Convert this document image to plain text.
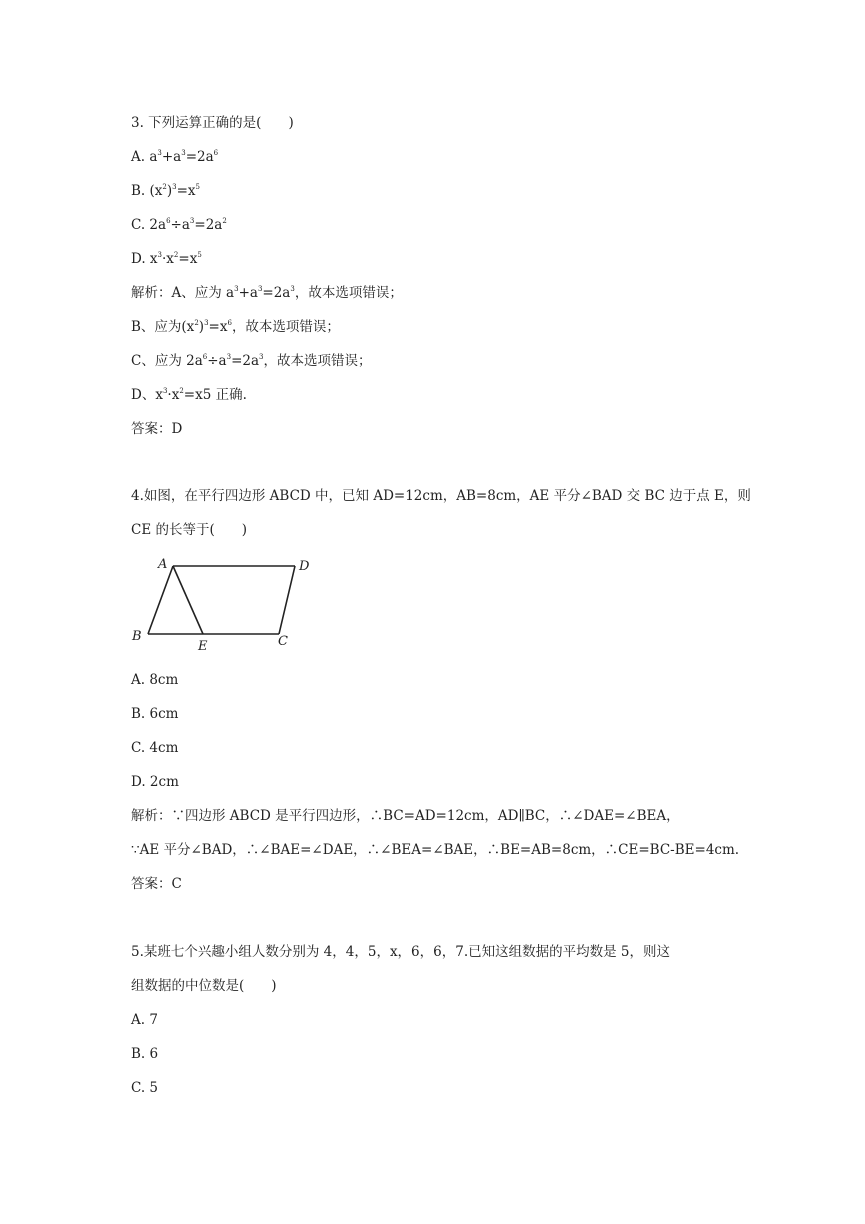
3. 下列运算正确的是(　　)
A. $a^3+a^3=2a^6$
B. $(x^2)^3=x^5$
C. $2a^6\div a^3=2a^2$
D. $x^3\cdot x^2=x^5$
解析：A、应为 $a^3+a^3=2a^3$，故本选项错误；
B、应为$(x^2)^3=x^6$，故本选项错误；
C、应为 $2a^6\div a^3=2a^3$，故本选项错误；
D、$x^3\cdot x^2=x5$ 正确.
答案：D
4.如图，在平行四边形 ABCD 中，已知 AD=12cm，AB=8cm，AE 平分∠BAD 交 BC 边于点 E，则
CE 的长等于(　　)
A	D
B
E	C
A. 8cm
B. 6cm
C. 4cm
D. 2cm
解析：∵四边形 ABCD 是平行四边形，∴BC=AD=12cm，AD∥BC，∴∠DAE=∠BEA，
∵AE 平分∠BAD，∴∠BAE=∠DAE，∴∠BEA=∠BAE，∴BE=AB=8cm，∴CE=BC-BE=4cm.
答案：C
5.某班七个兴趣小组人数分别为 4，4，5，x，6，6，7.已知这组数据的平均数是 5，则这
组数据的中位数是(　　)
A. 7
B. 6
C. 5
